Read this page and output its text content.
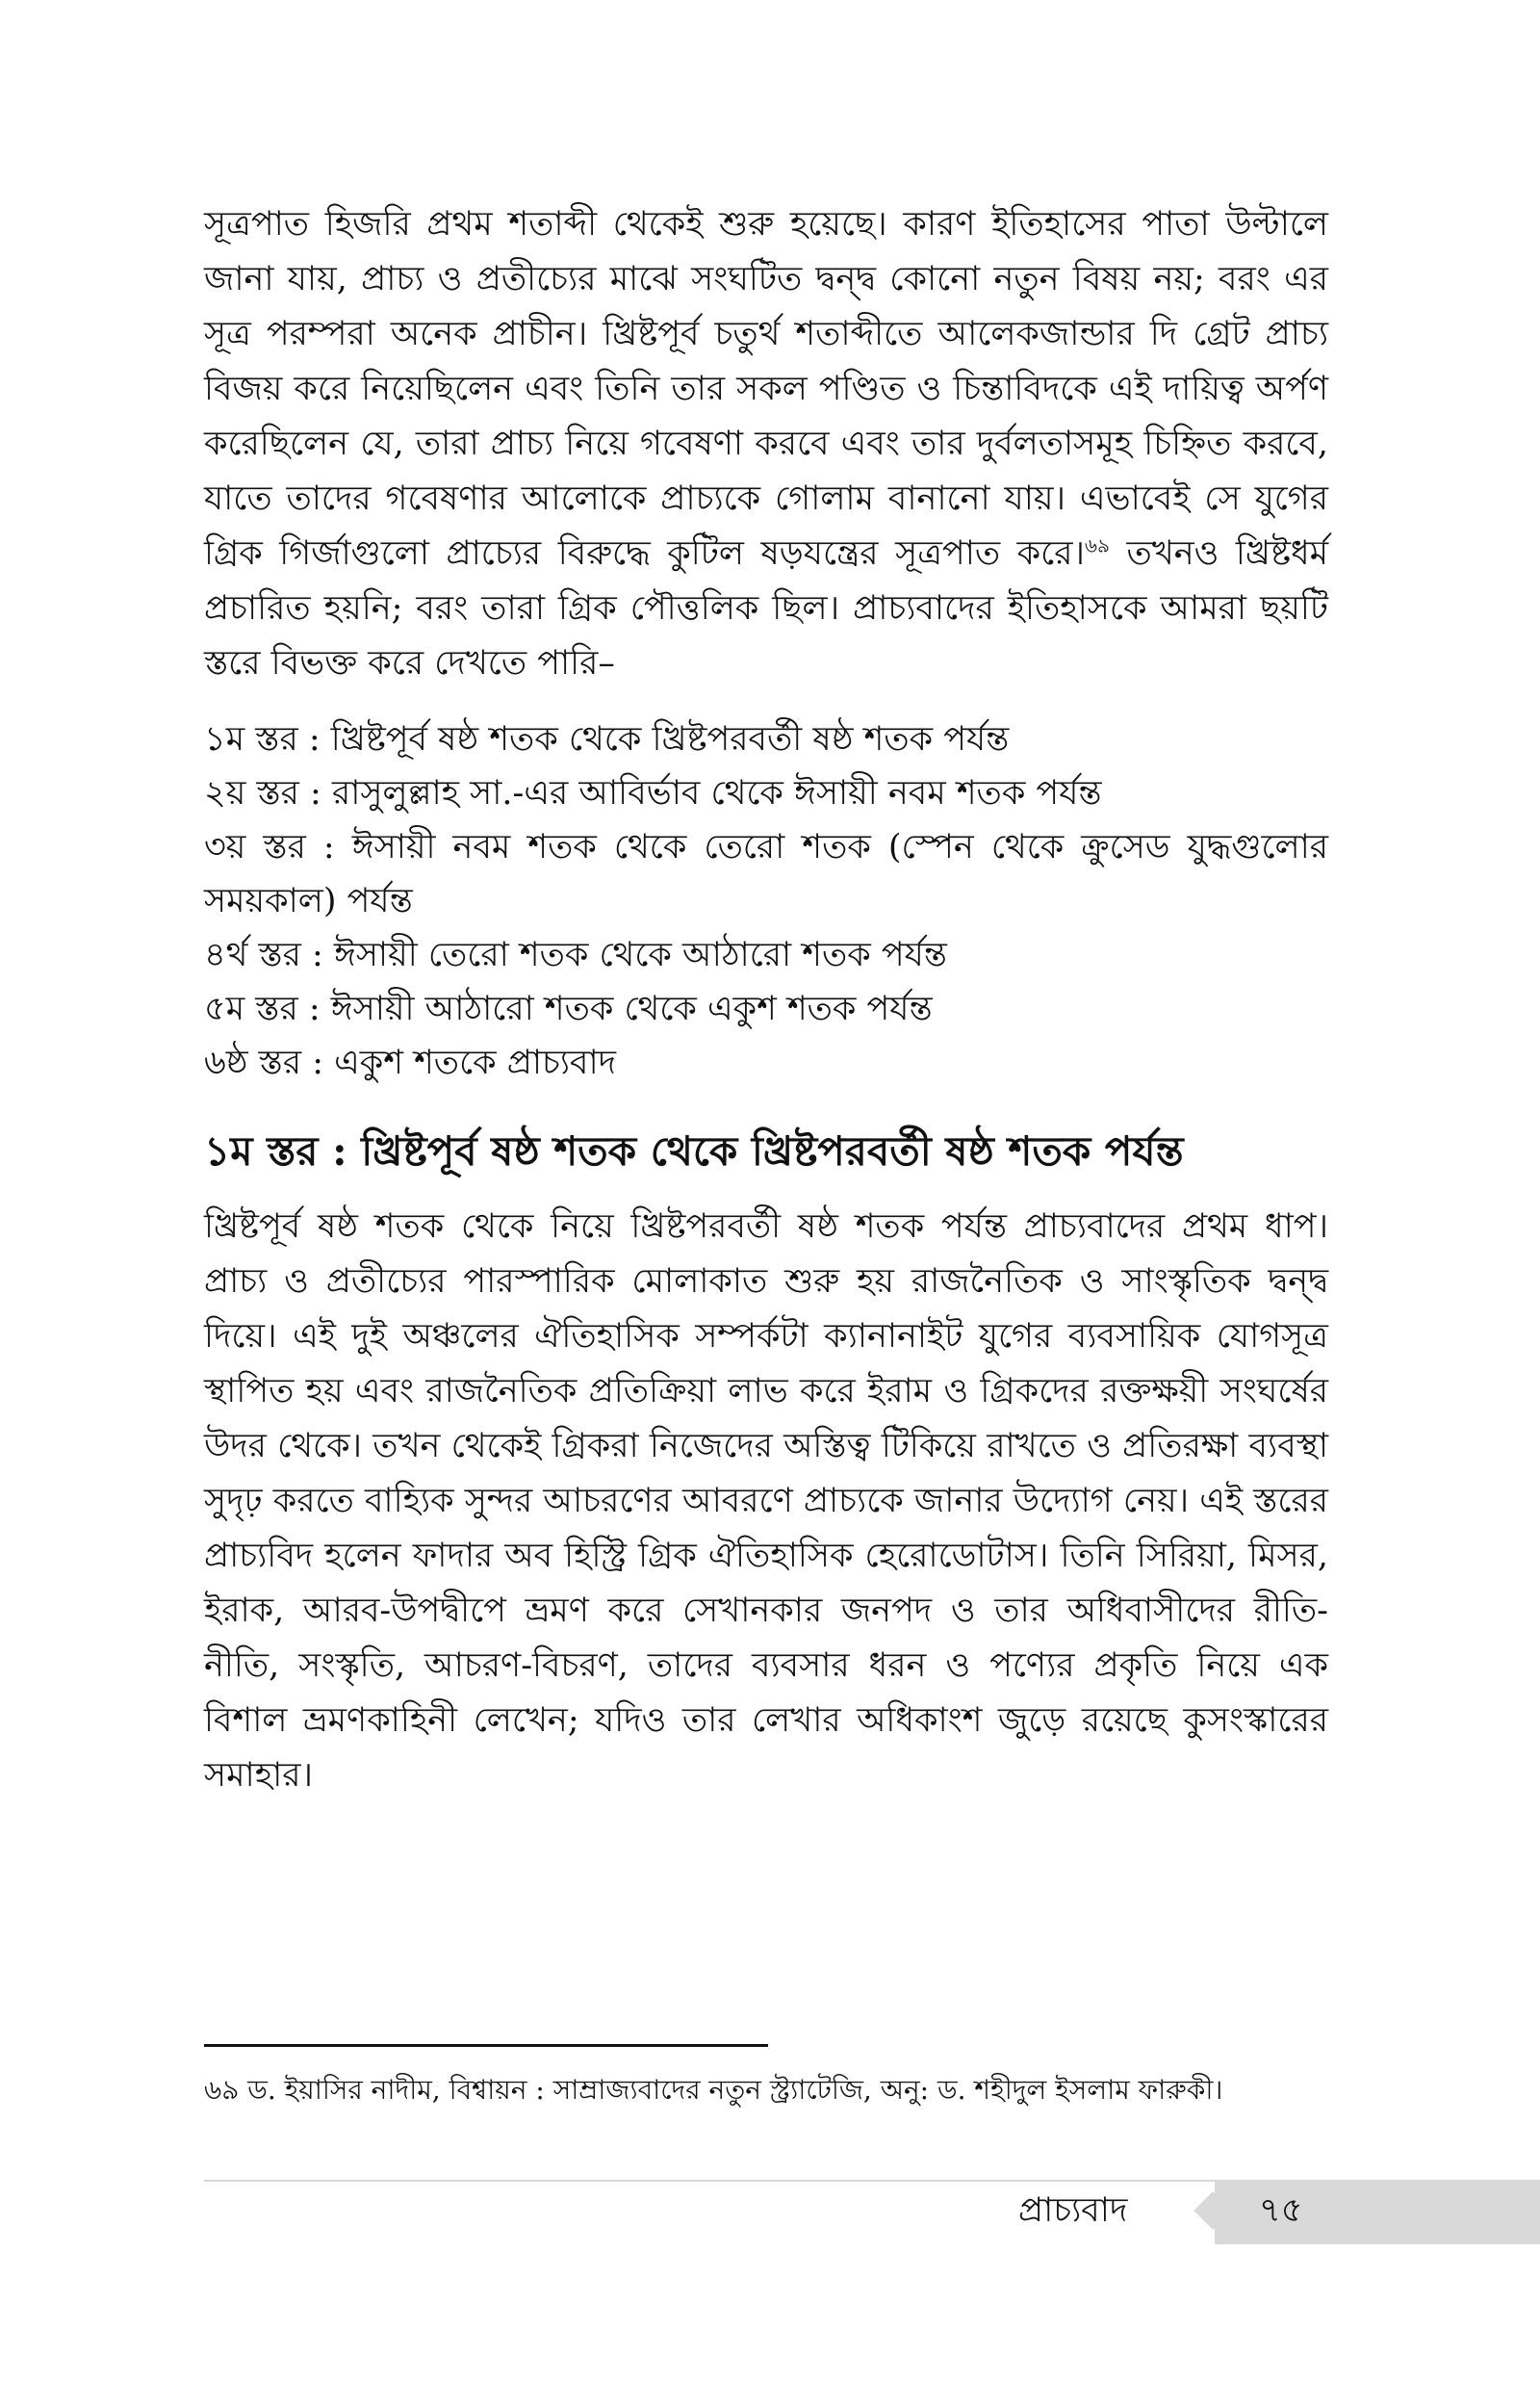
সূত্রপাত হিজরি প্রথম শতাব্দী থেকেই শুরু হয়েছে। কারণ ইতিহাসের পাতা উল্টালে জানা যায়, প্রাচ্য ও প্রতীচ্যের মাঝে সংঘটিত দ্বন্দ্ব কোনো নতুন বিষয় নয়; বরং এর সূত্র পরম্পরা অনেক প্রাচীন। খ্রিষ্টপূর্ব চতুর্থ শতাব্দীতে আলেকজান্ডার দি গ্রেট প্রাচ্য বিজয় করে নিয়েছিলেন এবং তিনি তার সকল পণ্ডিত ও চিন্তাবিদকে এই দায়িত্ব অর্পণ করেছিলেন যে, তারা প্রাচ্য নিয়ে গবেষণা করবে এবং তার দুর্বলতাসমূহ চিহ্নিত করবে, যাতে তাদের গবেষণার আলোকে প্রাচ্যকে গোলাম বানানো যায়। এভাবেই সে যুগের গ্রিক গির্জাগুলো প্রাচ্যের বিরুদ্ধে কুটিল ষড়যন্ত্রের সূত্রপাত করে।$^{৬৯}$ তখনও খ্রিষ্টধর্ম প্রচারিত হয়নি; বরং তারা গ্রিক পৌত্তলিক ছিল। প্রাচ্যবাদের ইতিহাসকে আমরা ছয়টি স্তরে বিভক্ত করে দেখতে পারি–

১ম স্তর : খ্রিষ্টপূর্ব ষষ্ঠ শতক থেকে খ্রিষ্টপরবর্তী ষষ্ঠ শতক পর্যন্ত
২য় স্তর : রাসুলুল্লাহ সা.-এর আবির্ভাব থেকে ঈসায়ী নবম শতক পর্যন্ত
৩য় স্তর : ঈসায়ী নবম শতক থেকে তেরো শতক (স্পেন থেকে ক্রুসেড যুদ্ধগুলোর সময়কাল) পর্যন্ত
৪র্থ স্তর : ঈসায়ী তেরো শতক থেকে আঠারো শতক পর্যন্ত
৫ম স্তর : ঈসায়ী আঠারো শতক থেকে একুশ শতক পর্যন্ত
৬ষ্ঠ স্তর : একুশ শতকে প্রাচ্যবাদ
১ম স্তর : খ্রিষ্টপূর্ব ষষ্ঠ শতক থেকে খ্রিষ্টপরবর্তী ষষ্ঠ শতক পর্যন্ত

খ্রিষ্টপূর্ব ষষ্ঠ শতক থেকে নিয়ে খ্রিষ্টপরবর্তী ষষ্ঠ শতক পর্যন্ত প্রাচ্যবাদের প্রথম ধাপ। প্রাচ্য ও প্রতীচ্যের পারস্পারিক মোলাকাত শুরু হয় রাজনৈতিক ও সাংস্কৃতিক দ্বন্দ্ব দিয়ে। এই দুই অঞ্চলের ঐতিহাসিক সম্পর্কটা ক্যানানাইট যুগের ব্যবসায়িক যোগসূত্র স্থাপিত হয় এবং রাজনৈতিক প্রতিক্রিয়া লাভ করে ইরাম ও গ্রিকদের রক্তক্ষয়ী সংঘর্ষের উদর থেকে। তখন থেকেই গ্রিকরা নিজেদের অস্তিত্ব টিকিয়ে রাখতে ও প্রতিরক্ষা ব্যবস্থা সুদৃঢ় করতে বাহ্যিক সুন্দর আচরণের আবরণে প্রাচ্যকে জানার উদ্যোগ নেয়। এই স্তরের প্রাচ্যবিদ হলেন ফাদার অব হিস্ট্রি গ্রিক ঐতিহাসিক হেরোডোটাস। তিনি সিরিয়া, মিসর, ইরাক, আরব-উপদ্বীপে ভ্রমণ করে সেখানকার জনপদ ও তার অধিবাসীদের রীতি-নীতি, সংস্কৃতি, আচরণ-বিচরণ, তাদের ব্যবসার ধরন ও পণ্যের প্রকৃতি নিয়ে এক বিশাল ভ্রমণকাহিনী লেখেন; যদিও তার লেখার অধিকাংশ জুড়ে রয়েছে কুসংস্কারের সমাহার।

৬৯ ড. ইয়াসির নাদীম, বিশ্বায়ন : সাম্রাজ্যবাদের নতুন স্ট্র্যাটেজি, অনু: ড. শহীদুল ইসলাম ফারুকী।

প্রাচ্যবাদ	৭৫
